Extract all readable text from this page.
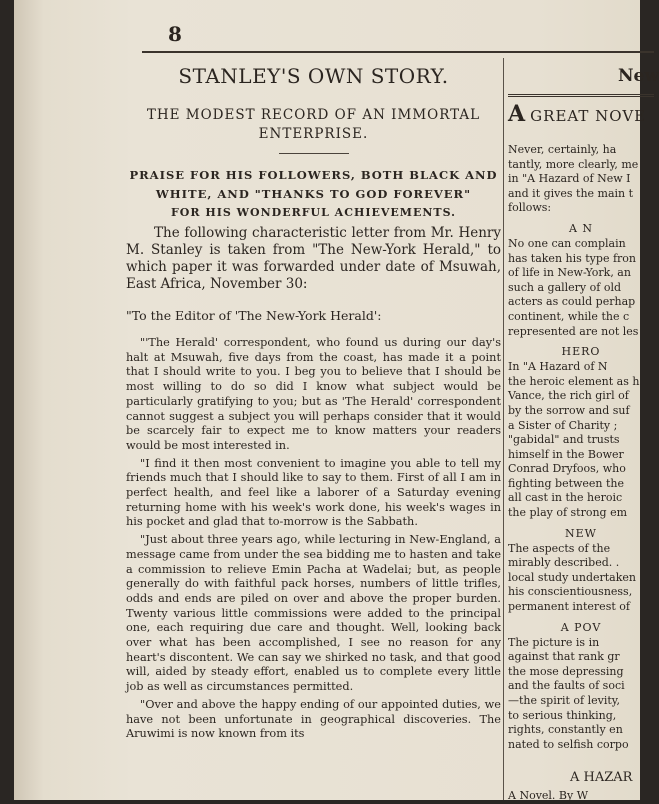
8

STANLEY'S OWN STORY.

THE MODEST RECORD OF AN IMMORTAL
ENTERPRISE.

PRAISE FOR HIS FOLLOWERS, BOTH BLACK AND
WHITE, AND "THANKS TO GOD FOREVER"

FOR HIS WONDERFUL ACHIEVEMENTS.

The following characteristic letter from Mr. Henry M. Stanley is taken from "The New-York Herald," to which paper it was forwarded under date of Msuwah, East Africa, November 30:

"To the Editor of 'The New-York Herald':

"'The Herald' correspondent, who found us during our day's halt at Msuwah, five days from the coast, has made it a point that I should write to you. I beg you to believe that I should be most willing to do so did I know what subject would be particularly gratifying to you; but as 'The Herald' correspondent cannot suggest a subject you will perhaps consider that it would be scarcely fair to expect me to know matters your readers would be most interested in.

"I find it then most convenient to imagine you able to tell my friends much that I should like to say to them. First of all I am in perfect health, and feel like a laborer of a Saturday evening returning home with his week's work done, his week's wages in his pocket and glad that to-morrow is the Sabbath.

"Just about three years ago, while lecturing in New-England, a message came from under the sea bidding me to hasten and take a commission to relieve Emin Pacha at Wadelai; but, as people generally do with faithful pack horses, numbers of little trifles, odds and ends are piled on over and above the proper burden. Twenty various little commissions were added to the principal one, each requiring due care and thought. Well, looking back over what has been accomplished, I see no reason for any heart's discontent. We can say we shirked no task, and that good will, aided by steady effort, enabled us to complete every little job as well as circumstances permitted.

"Over and above the happy ending of our appointed duties, we have not been unfortunate in geographical discoveries. The Aruwimi is now known from its

New

A GREAT NOVE

Never, certainly, ha

tantly, more clearly, me

in "A Hazard of New I

and it gives the main t

follows:

A N

No one can complain

has taken his type fron

of life in New-York, an

such a gallery of old

acters as could perhap

continent, while the c

represented are not les

HERO

In "A Hazard of N

the heroic element as h

Vance, the rich girl of

by the sorrow and suf

a Sister of Charity ;

"gabidal" and trusts

himself in the Bower

Conrad Dryfoos, who

fighting between the

all cast in the heroic

the play of strong em

NEW

The aspects of the

mirably described. .

local study undertaken

his conscientiousness,

permanent interest of

A POV

The picture is in

against that rank gr

the mose depressing

and the faults of soci

—the spirit of levity,

to serious thinking,

rights, constantly en

nated to selfish corpo

A HAZAR

A Novel. By W
